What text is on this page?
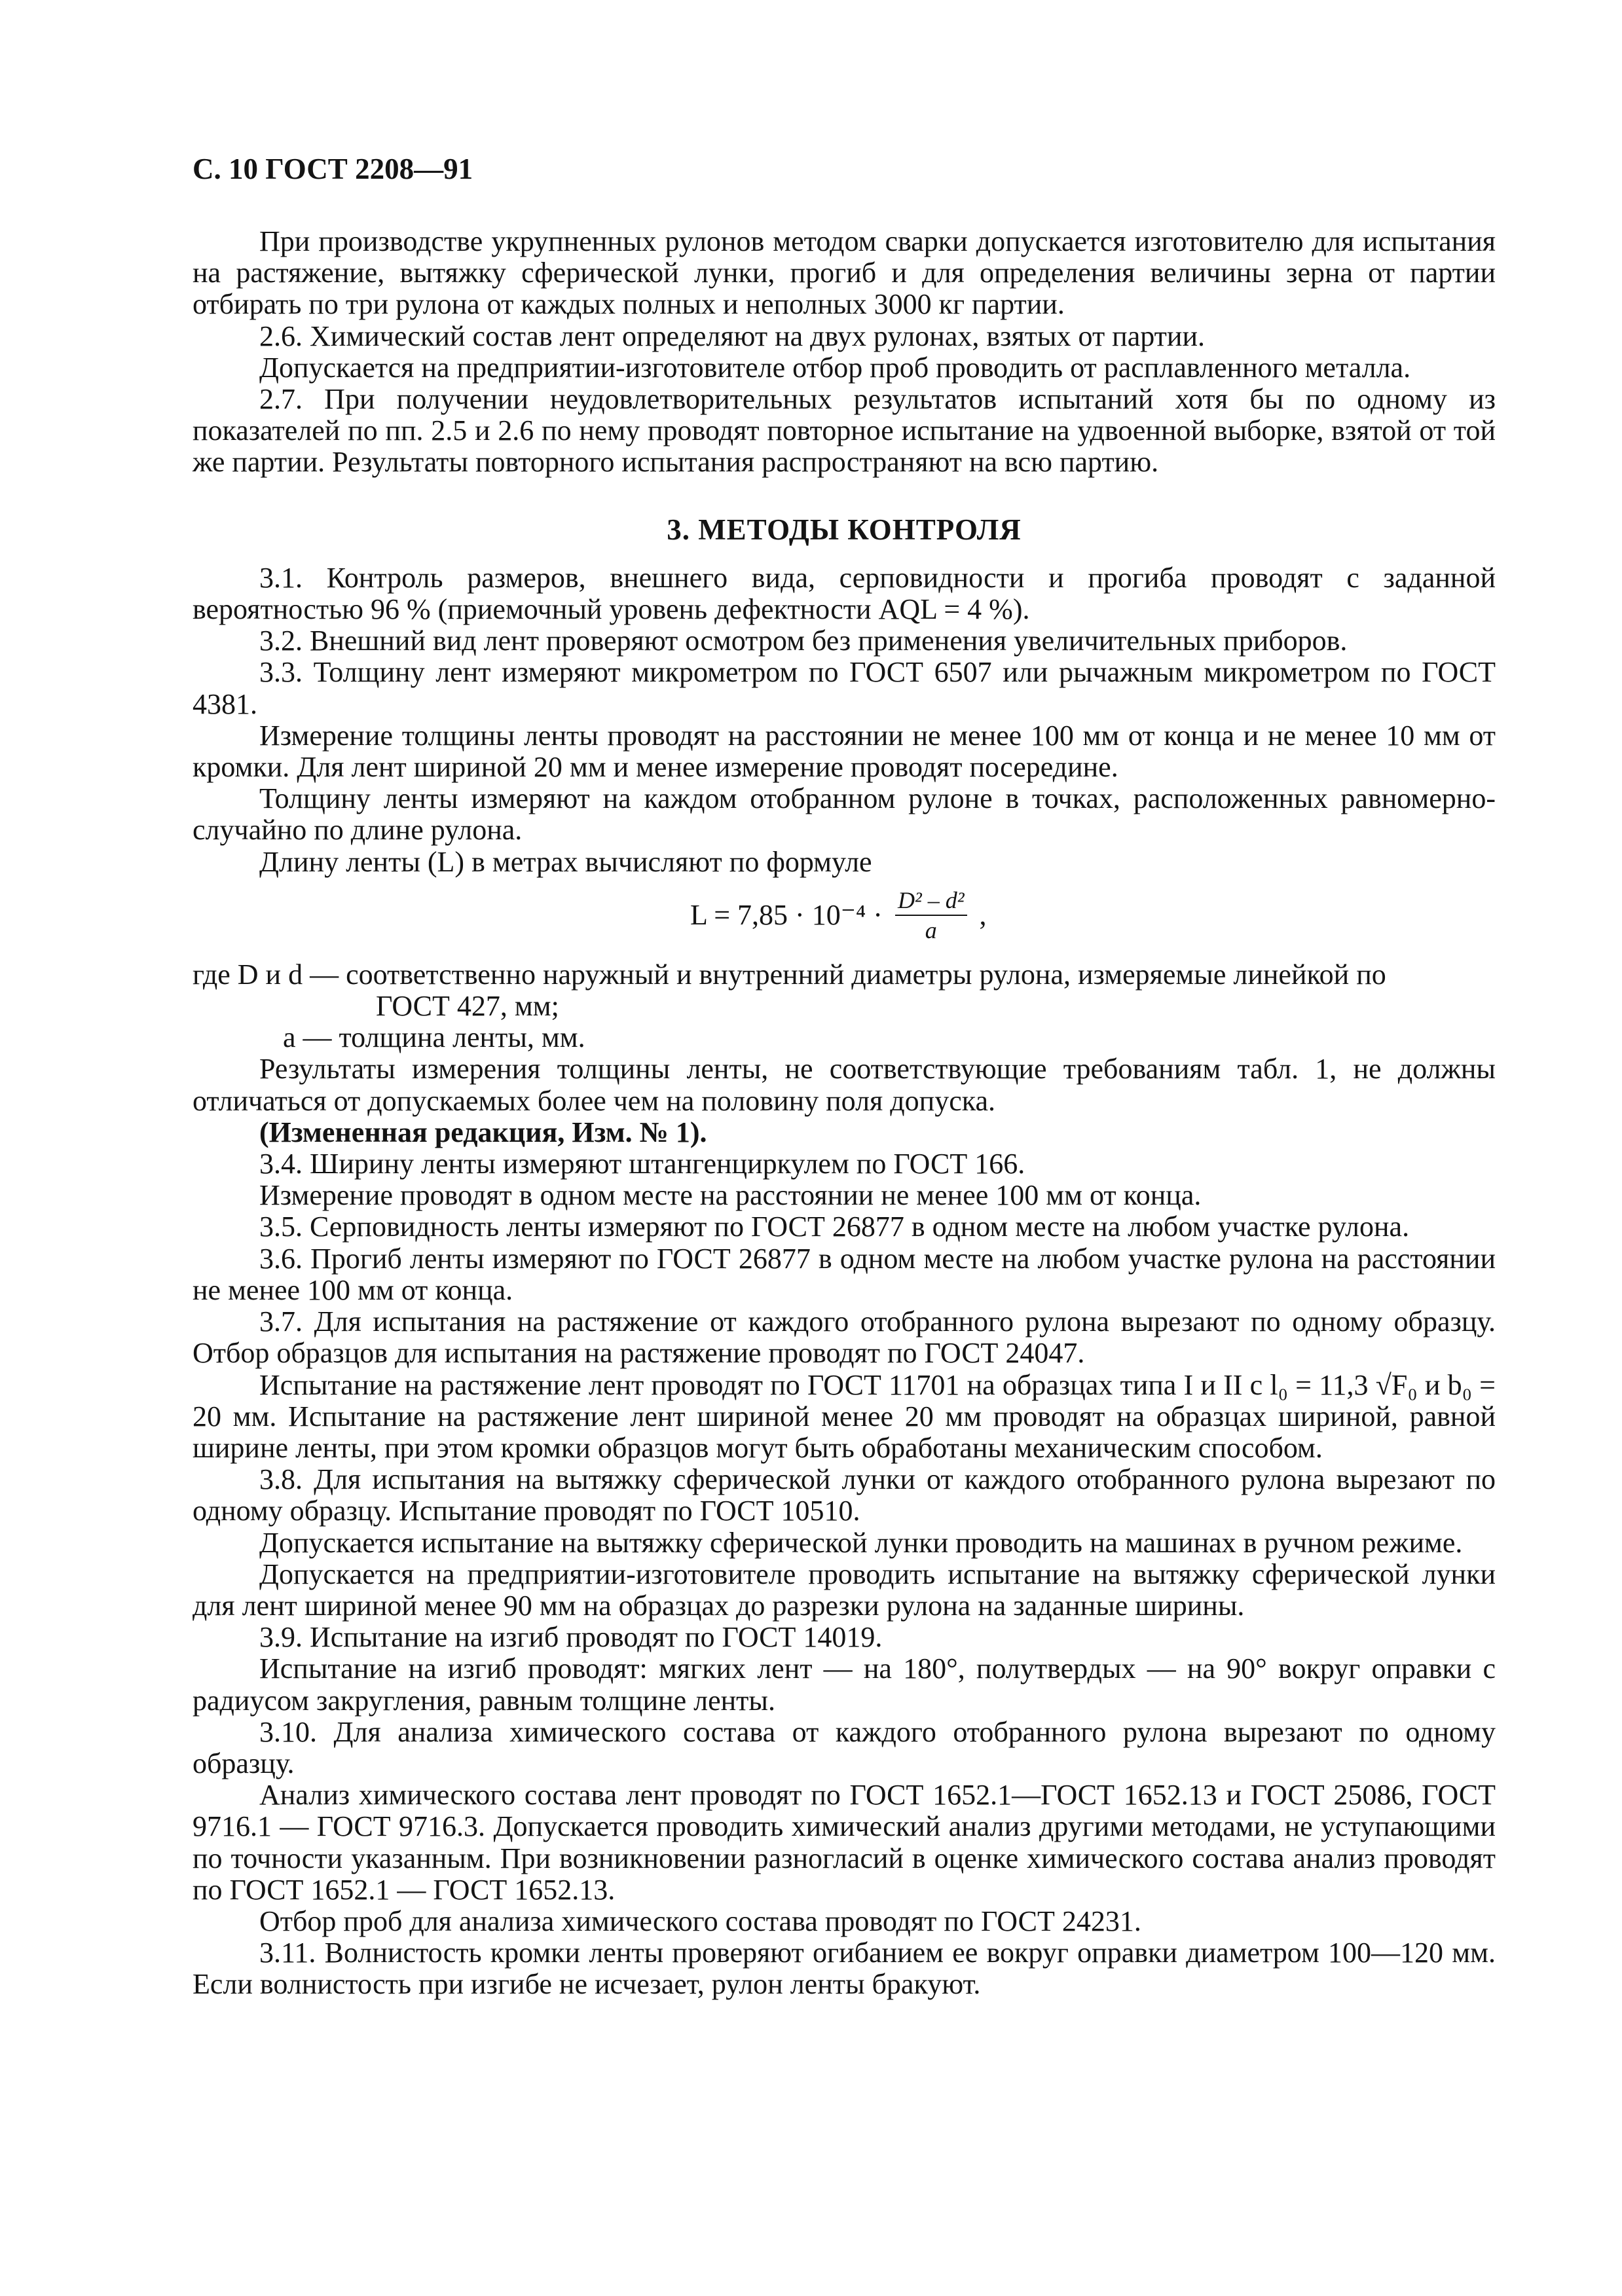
С. 10 ГОСТ 2208—91

При производстве укрупненных рулонов методом сварки допускается изготовителю для испытания на растяжение, вытяжку сферической лунки, прогиб и для определения величины зерна от партии отбирать по три рулона от каждых полных и неполных 3000 кг партии.

2.6. Химический состав лент определяют на двух рулонах, взятых от партии.

Допускается на предприятии-изготовителе отбор проб проводить от расплавленного металла.

2.7. При получении неудовлетворительных результатов испытаний хотя бы по одному из показателей по пп. 2.5 и 2.6 по нему проводят повторное испытание на удвоенной выборке, взятой от той же партии. Результаты повторного испытания распространяют на всю партию.

3. МЕТОДЫ КОНТРОЛЯ

3.1. Контроль размеров, внешнего вида, серповидности и прогиба проводят с заданной вероятностью 96 % (приемочный уровень дефектности AQL = 4 %).

3.2. Внешний вид лент проверяют осмотром без применения увеличительных приборов.

3.3. Толщину лент измеряют микрометром по ГОСТ 6507 или рычажным микрометром по ГОСТ 4381.

Измерение толщины ленты проводят на расстоянии не менее 100 мм от конца и не менее 10 мм от кромки. Для лент шириной 20 мм и менее измерение проводят посередине.

Толщину ленты измеряют на каждом отобранном рулоне в точках, расположенных равномерно-случайно по длине рулона.

Длину ленты (L) в метрах вычисляют по формуле

$L = 7,85 \cdot 10^{-4} \cdot \frac{\text{D² – d²}}{a}$ ,

где D и d — соответственно наружный и внутренний диаметры рулона, измеряемые линейкой по

ГОСТ 427, мм;

a — толщина ленты, мм.

Результаты измерения толщины ленты, не соответствующие требованиям табл. 1, не должны отличаться от допускаемых более чем на половину поля допуска.

(Измененная редакция, Изм. № 1).

3.4. Ширину ленты измеряют штангенциркулем по ГОСТ 166.

Измерение проводят в одном месте на расстоянии не менее 100 мм от конца.

3.5. Серповидность ленты измеряют по ГОСТ 26877 в одном месте на любом участке рулона.

3.6. Прогиб ленты измеряют по ГОСТ 26877 в одном месте на любом участке рулона на расстоянии не менее 100 мм от конца.

3.7. Для испытания на растяжение от каждого отобранного рулона вырезают по одному образцу. Отбор образцов для испытания на растяжение проводят по ГОСТ 24047.

Испытание на растяжение лент проводят по ГОСТ 11701 на образцах типа I и II с l₀ = 11,3 √F₀ и b₀ = 20 мм. Испытание на растяжение лент шириной менее 20 мм проводят на образцах шириной, равной ширине ленты, при этом кромки образцов могут быть обработаны механическим способом.

3.8. Для испытания на вытяжку сферической лунки от каждого отобранного рулона вырезают по одному образцу. Испытание проводят по ГОСТ 10510.

Допускается испытание на вытяжку сферической лунки проводить на машинах в ручном режиме.

Допускается на предприятии-изготовителе проводить испытание на вытяжку сферической лунки для лент шириной менее 90 мм на образцах до разрезки рулона на заданные ширины.

3.9. Испытание на изгиб проводят по ГОСТ 14019.

Испытание на изгиб проводят: мягких лент — на 180°, полутвердых — на 90° вокруг оправки с радиусом закругления, равным толщине ленты.

3.10. Для анализа химического состава от каждого отобранного рулона вырезают по одному образцу.

Анализ химического состава лент проводят по ГОСТ 1652.1—ГОСТ 1652.13 и ГОСТ 25086, ГОСТ 9716.1 — ГОСТ 9716.3. Допускается проводить химический анализ другими методами, не уступающими по точности указанным. При возникновении разногласий в оценке химического состава анализ проводят по ГОСТ 1652.1 — ГОСТ 1652.13.

Отбор проб для анализа химического состава проводят по ГОСТ 24231.

3.11. Волнистость кромки ленты проверяют огибанием ее вокруг оправки диаметром 100—120 мм. Если волнистость при изгибе не исчезает, рулон ленты бракуют.
